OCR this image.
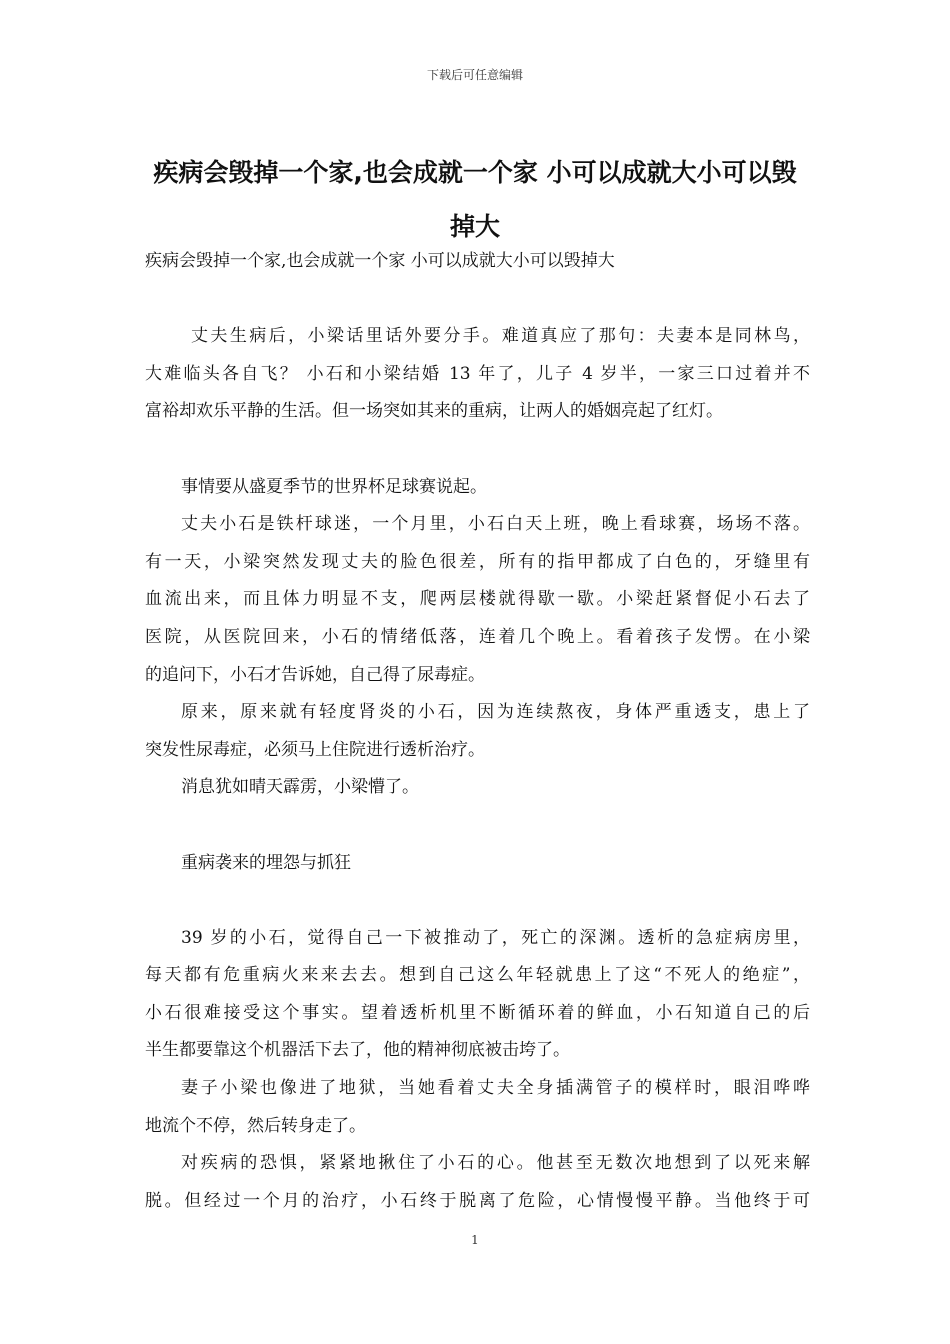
下载后可任意编辑
疾病会毁掉一个家,也会成就一个家 小可以成就大小可以毁掉大
疾病会毁掉一个家,也会成就一个家 小可以成就大小可以毁掉大
丈夫生病后，小梁话里话外要分手。难道真应了那句：夫妻本是同林鸟，
大难临头各自飞？ 小石和小梁结婚 13 年了，儿子 4 岁半，一家三口过着并不
富裕却欢乐平静的生活。但一场突如其来的重病，让两人的婚姻亮起了红灯。
事情要从盛夏季节的世界杯足球赛说起。
丈夫小石是铁杆球迷，一个月里，小石白天上班，晚上看球赛，场场不落。
有一天，小梁突然发现丈夫的脸色很差，所有的指甲都成了白色的，牙缝里有
血流出来，而且体力明显不支，爬两层楼就得歇一歇。小梁赶紧督促小石去了
医院，从医院回来，小石的情绪低落，连着几个晚上。看着孩子发愣。在小梁
的追问下，小石才告诉她，自己得了尿毒症。
原来，原来就有轻度肾炎的小石，因为连续熬夜，身体严重透支，患上了
突发性尿毒症，必须马上住院进行透析治疗。
消息犹如晴天霹雳，小梁懵了。
重病袭来的埋怨与抓狂
39 岁的小石，觉得自己一下被推动了，死亡的深渊。透析的急症病房里，
每天都有危重病火来来去去。想到自己这么年轻就患上了这“不死人的绝症”，
小石很难接受这个事实。望着透析机里不断循环着的鲜血，小石知道自己的后
半生都要靠这个机器活下去了，他的精神彻底被击垮了。
妻子小梁也像进了地狱，当她看着丈夫全身插满管子的模样时，眼泪哗哗
地流个不停，然后转身走了。
对疾病的恐惧，紧紧地揪住了小石的心。他甚至无数次地想到了以死来解
脱。但经过一个月的治疗，小石终于脱离了危险，心情慢慢平静。当他终于可
1
